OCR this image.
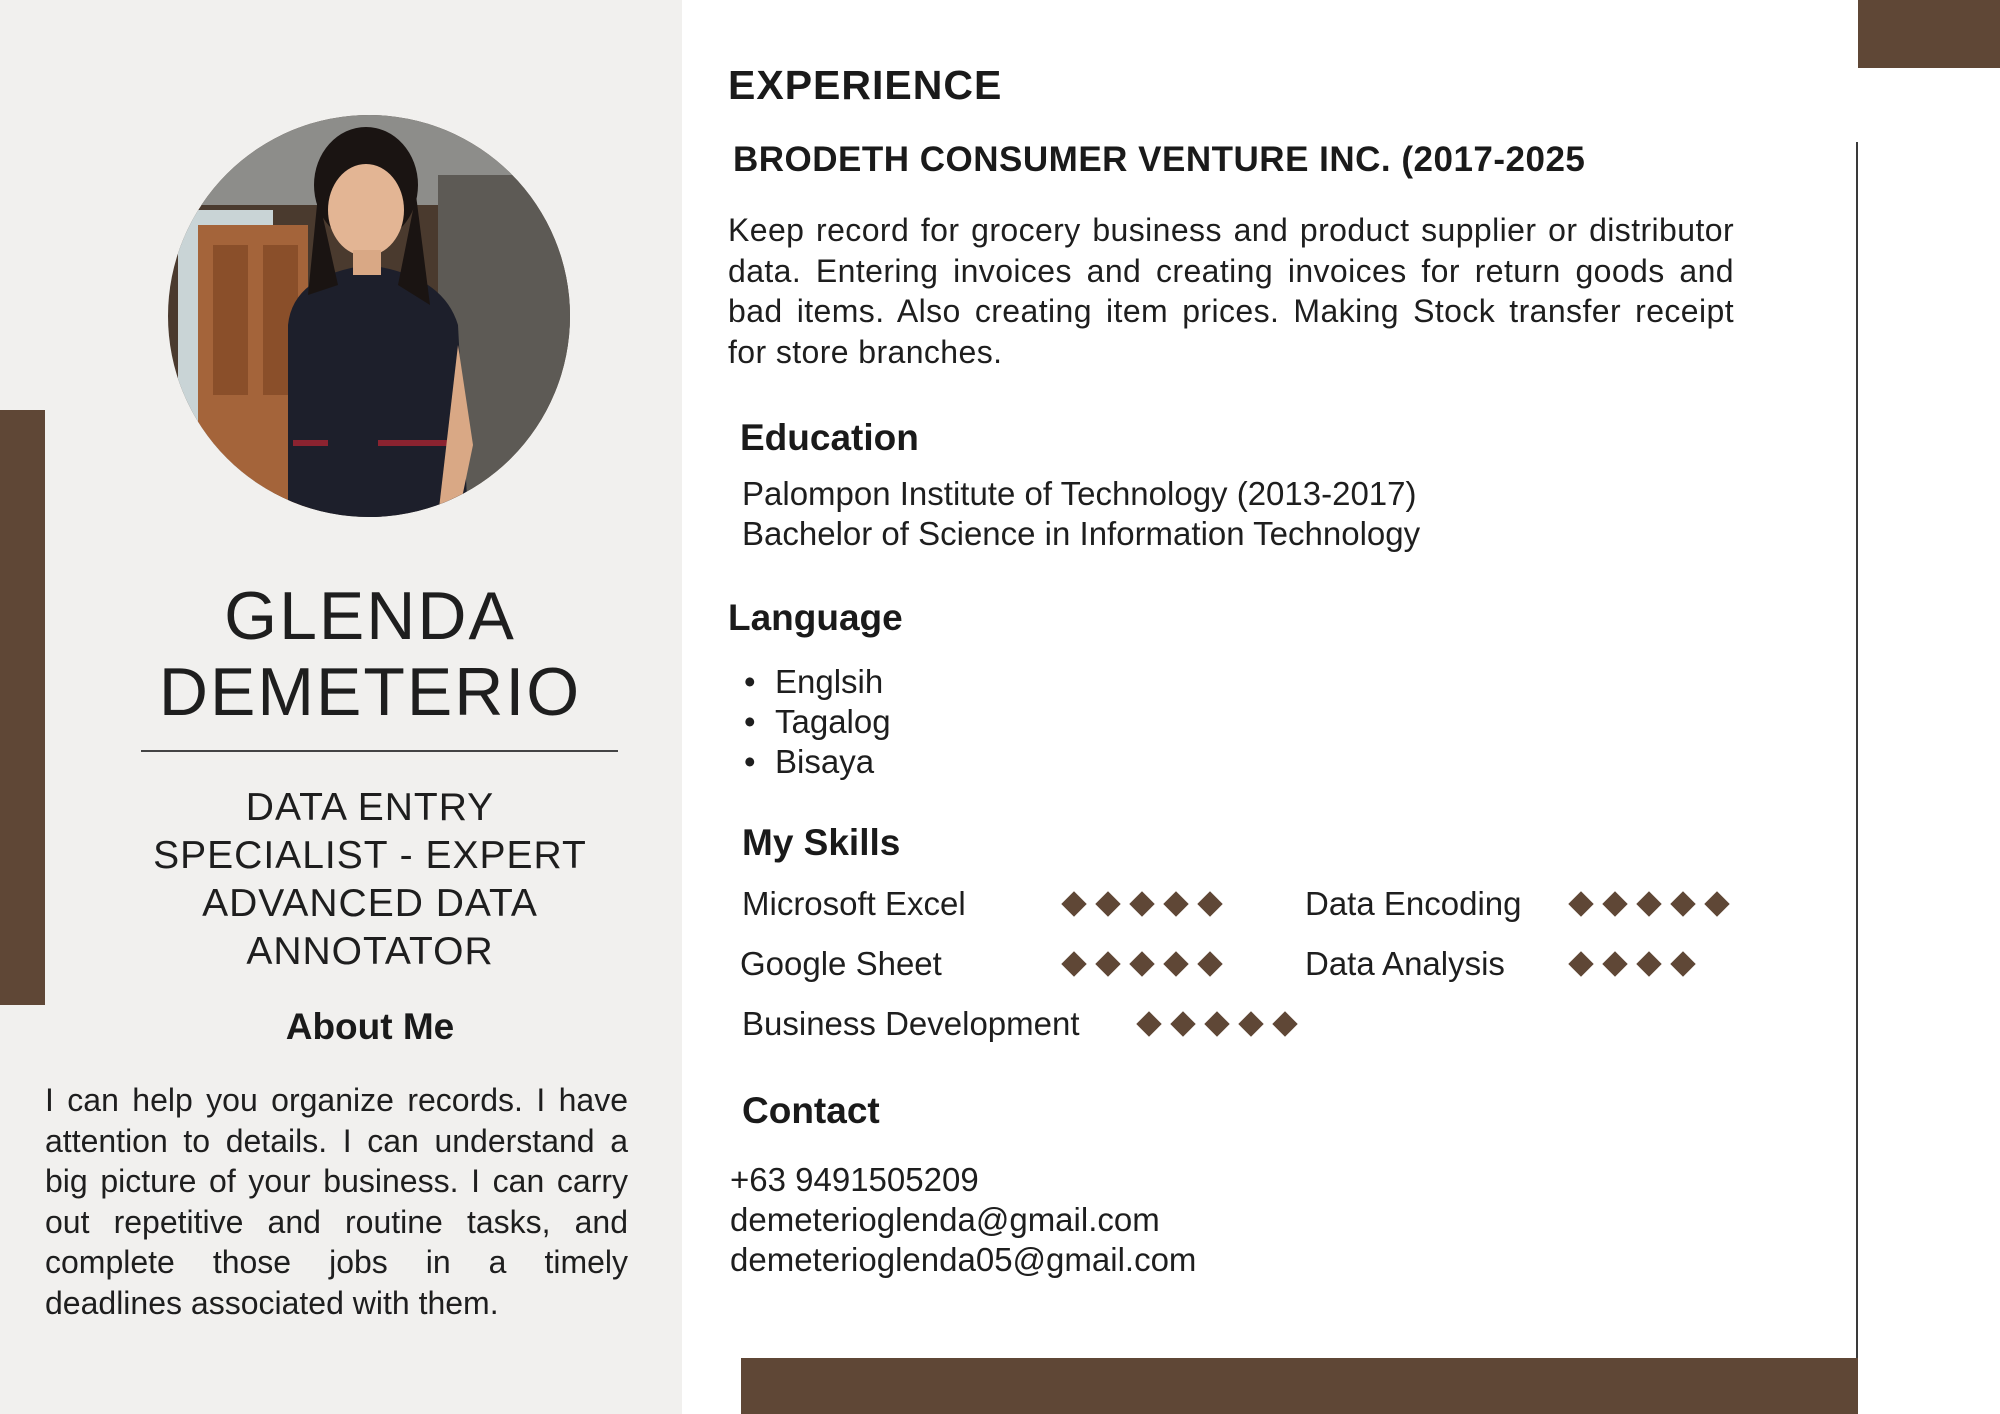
GLENDA
DEMETERIO
DATA ENTRY
SPECIALIST - EXPERT
ADVANCED DATA
ANNOTATOR
About Me
I can help you organize records. I have attention to details. I can understand a big picture of your business. I can carry out repetitive and routine tasks, and complete those jobs in a timely deadlines associated with them.
EXPERIENCE
BRODETH CONSUMER VENTURE INC. (2017-2025
Keep record for grocery business and product supplier or distributor data. Entering invoices and creating invoices for return goods and bad items. Also creating item prices. Making Stock transfer receipt for store branches.
Education
Palompon Institute of Technology (2013-2017)
Bachelor of Science in Information Technology
Language
• Englsih
• Tagalog
• Bisaya
My Skills
Microsoft Excel	Data Encoding
Google Sheet	Data Analysis
Business Development
Contact
+63 9491505209
demeterioglenda@gmail.com
demeterioglenda05@gmail.com
